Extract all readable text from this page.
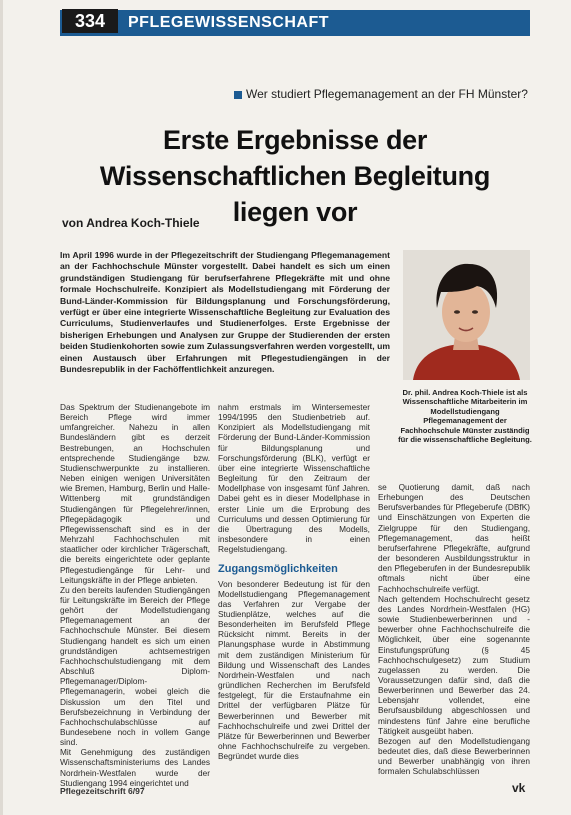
334	PFLEGEWISSENSCHAFT
Wer studiert Pflegemanagement an der FH Münster?
Erste Ergebnisse der Wissenschaftlichen Begleitung liegen vor
von Andrea Koch-Thiele
Im April 1996 wurde in der Pflegezeitschrift der Studiengang Pflegemanagement an der Fachhochschule Münster vorgestellt. Dabei handelt es sich um einen grundständigen Studiengang für berufserfahrene Pflegekräfte mit und ohne formale Hochschulreife. Konzipiert als Modellstudiengang mit Förderung der Bund-Länder-Kommission für Bildungsplanung und Forschungsförderung, verfügt er über eine integrierte Wissenschaftliche Begleitung zur Evaluation des Curriculums, Studienverlaufes und Studienerfolges. Erste Ergebnisse der bisherigen Erhebungen und Analysen zur Gruppe der Studierenden der ersten beiden Studienkohorten sowie zum Zulassungsverfahren werden vorgestellt, um einen Austausch über Erfahrungen mit Pflegestudiengängen in der Bundesrepublik in der Fachöffentlichkeit anzuregen.
Dr. phil. Andrea Koch-Thiele ist als Wissenschaftliche Mitarbeiterin im Modellstudiengang Pflegemanagement der Fachhochschule Münster zuständig für die wissenschaftliche Begleitung.

Das Spektrum der Studienangebote im Bereich Pflege wird immer umfangreicher. Nahezu in allen Bundesländern gibt es derzeit Bestrebungen, an Hochschulen entsprechende Studiengänge bzw. Studienschwerpunkte zu installieren. Neben einigen wenigen Universitäten wie Bremen, Hamburg, Berlin und Halle-Wittenberg mit grundständigen Studiengängen für Pflegelehrer/innen, Pflegepädagogik und Pflegewissenschaft sind es in der Mehrzahl Fachhochschulen mit staatlicher oder kirchlicher Trägerschaft, die bereits eingerichtete oder geplante Pflegestudiengänge für Lehr- und Leitungskräfte in der Pflege anbieten.

Zu den bereits laufenden Studiengängen für Leitungskräfte im Bereich der Pflege gehört der Modellstudiengang Pflegemanagement an der Fachhochschule Münster. Bei diesem Studiengang handelt es sich um einen grundständigen achtsemestrigen Fachhochschulstudiengang mit dem Abschluß Diplom-Pflegemanager/Diplom-Pflegemanagerin, wobei gleich die Diskussion um den Titel und Berufsbezeichnung in Verbindung der Fachhochschulabschlüsse auf Bundesebene noch in vollem Gange sind.

Mit Genehmigung des zuständigen Wissenschaftsministeriums des Landes Nordrhein-Westfalen wurde der Studiengang 1994 eingerichtet und

nahm erstmals im Wintersemester 1994/1995 den Studienbetrieb auf. Konzipiert als Modellstudiengang mit Förderung der Bund-Länder-Kommission für Bildungsplanung und Forschungsförderung (BLK), verfügt er über eine integrierte Wissenschaftliche Begleitung für den Zeitraum der Modellphase von insgesamt fünf Jahren. Dabei geht es in dieser Modellphase in erster Linie um die Erprobung des Curriculums und dessen Optimierung für die Übertragung des Modells, insbesondere in einen Regelstudiengang.

Zugangsmöglichkeiten

Von besonderer Bedeutung ist für den Modellstudiengang Pflegemanagement das Verfahren zur Vergabe der Studienplätze, welches auf die Besonderheiten im Berufsfeld Pflege Rücksicht nimmt. Bereits in der Planungsphase wurde in Abstimmung mit dem zuständigen Ministerium für Bildung und Wissenschaft des Landes Nordrhein-Westfalen und nach gründlichen Recherchen im Berufsfeld festgelegt, für die Erstaufnahme ein Drittel der verfügbaren Plätze für Bewerberinnen und Bewerber mit Fachhochschulreife und zwei Drittel der Plätze für Bewerberinnen und Bewerber ohne Fachhochschulreife zu vergeben. Begründet wurde dies

se Quotierung damit, daß nach Erhebungen des Deutschen Berufsverbandes für Pflegeberufe (DBfK) und Einschätzungen von Experten die Zielgruppe für den Studiengang, Pflegemanagement, das heißt berufserfahrene Pflegekräfte, aufgrund der besonderen Ausbildungsstruktur in den Pflegeberufen in der Bundesrepublik oftmals nicht über eine Fachhochschulreife verfügt.

Nach geltendem Hochschulrecht gesetz des Landes Nordrhein-Westfalen (HG) sowie Studienbewerberinnen und -bewerber ohne Fachhochschulreife die Möglichkeit, über eine sogenannte Einstufungsprüfung (§ 45 Fachhochschulgesetz) zum Studium zugelassen zu werden. Die Voraussetzungen dafür sind, daß die Bewerberinnen und Bewerber das 24. Lebensjahr vollendet, eine Berufsausbildung abgeschlossen und mindestens fünf Jahre eine berufliche Tätigkeit ausgeübt haben.

Bezogen auf den Modellstudiengang bedeutet dies, daß diese Bewerberinnen und Bewerber unabhängig von ihren formalen Schulabschlüssen

Pflegezeitschrift 6/97	vk
